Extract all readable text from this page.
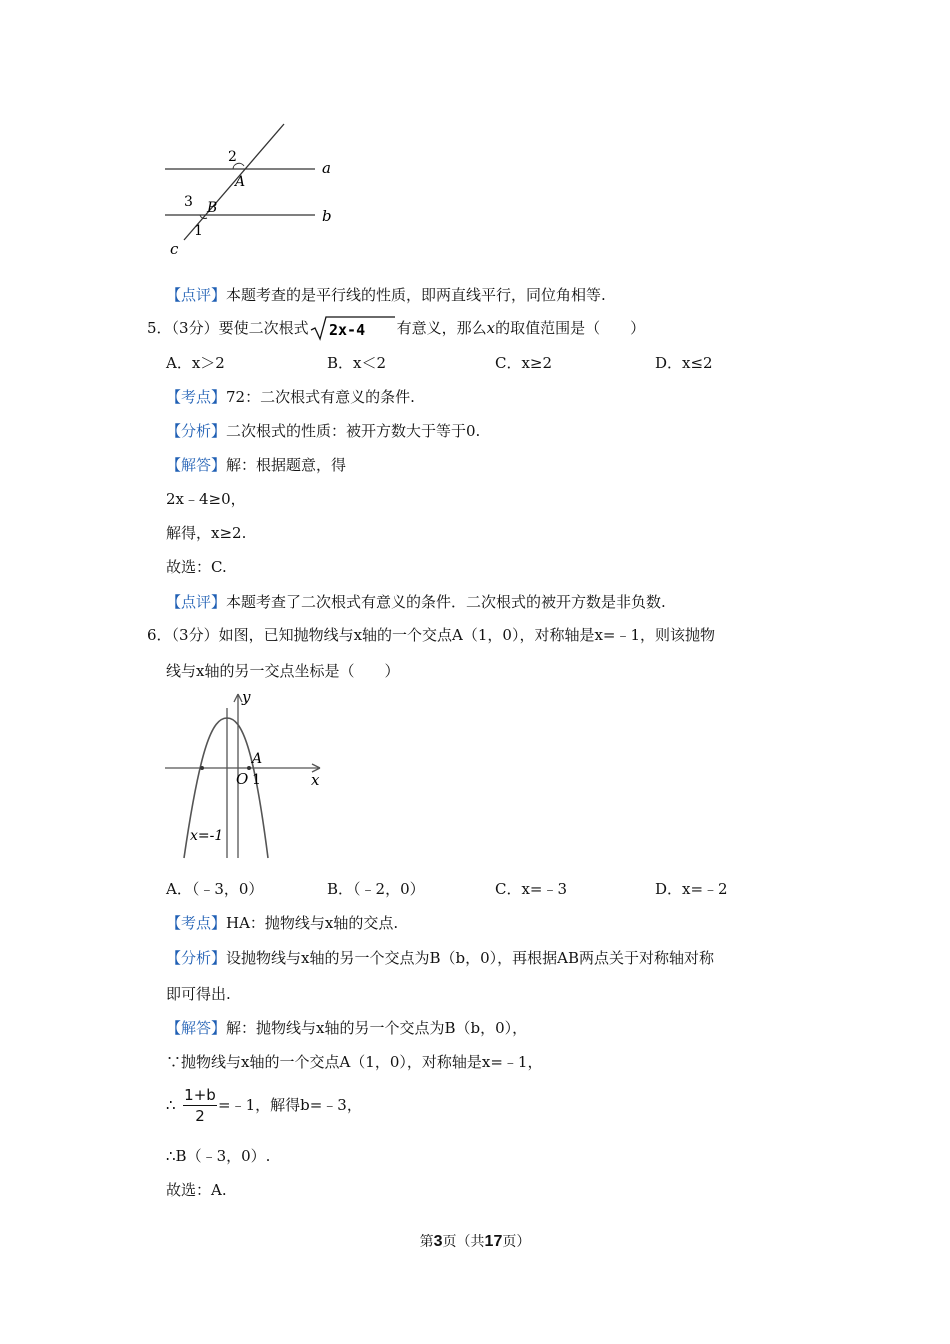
2
A
a
3 B	b
1
c
【点评】本题考查的是平行线的性质，即两直线平行，同位角相等.
5．（3分）要使二次根式 2x-4 有意义，那么x的取值范围是（　　）
A．x＞2	B．x＜2	C．x≥2	D．x≤2
【考点】72：二次根式有意义的条件.
【分析】二次根式的性质：被开方数大于等于0.
【解答】解：根据题意，得
2x﹣4≥0，
解得，x≥2.
故选：C.
【点评】本题考查了二次根式有意义的条件．二次根式的被开方数是非负数.
6．（3分）如图，已知抛物线与x轴的一个交点A（1，0），对称轴是x=﹣1，则该抛物
线与x轴的另一交点坐标是（　　）
y
A
O 1	x
x=-1
A．（﹣3，0）	B．（﹣2，0）	C．x=﹣3	D．x=﹣2
【考点】HA：抛物线与x轴的交点.
【分析】设抛物线与x轴的另一个交点为B（b，0），再根据AB两点关于对称轴对称
即可得出.
【解答】解：抛物线与x轴的另一个交点为B（b，0），
∵抛物线与x轴的一个交点A（1，0），对称轴是x=﹣1，
∴
1+b
2
=﹣1，解得b=﹣3，
∴B（﹣3，0）.
故选：A.
第3页（共17页）
